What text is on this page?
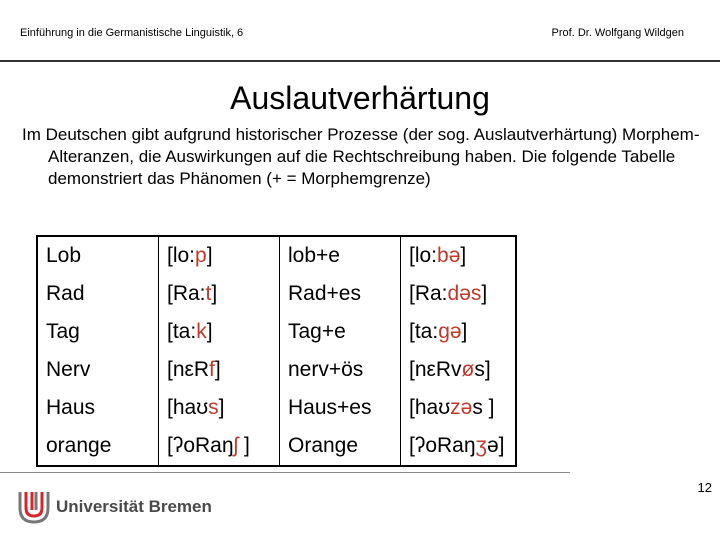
Einführung in die Germanistische Linguistik, 6	Prof. Dr. Wolfgang Wildgen
Auslautverhärtung
Im Deutschen gibt aufgrund historischer Prozesse (der sog. Auslautverhärtung) Morphem-Alteranzen, die Auswirkungen auf die Rechtschreibung haben. Die folgende Tabelle demonstriert das Phänomen (+ = Morphemgrenze)
Lob	[lo:p]	lob+e	[lo:bə]
Rad	[Ra:t]	Rad+es	[Ra:dəs]
Tag	[ta:k]	Tag+e	[ta:gə]
Nerv	[nεRf]	nerv+ös	[nεRvøs]
Haus	[haʊs]	Haus+es	[haʊzəs ]
orange	[ʔoRaŋʃ ]	Orange	[ʔoRaŋʒə]
12
Universität Bremen
